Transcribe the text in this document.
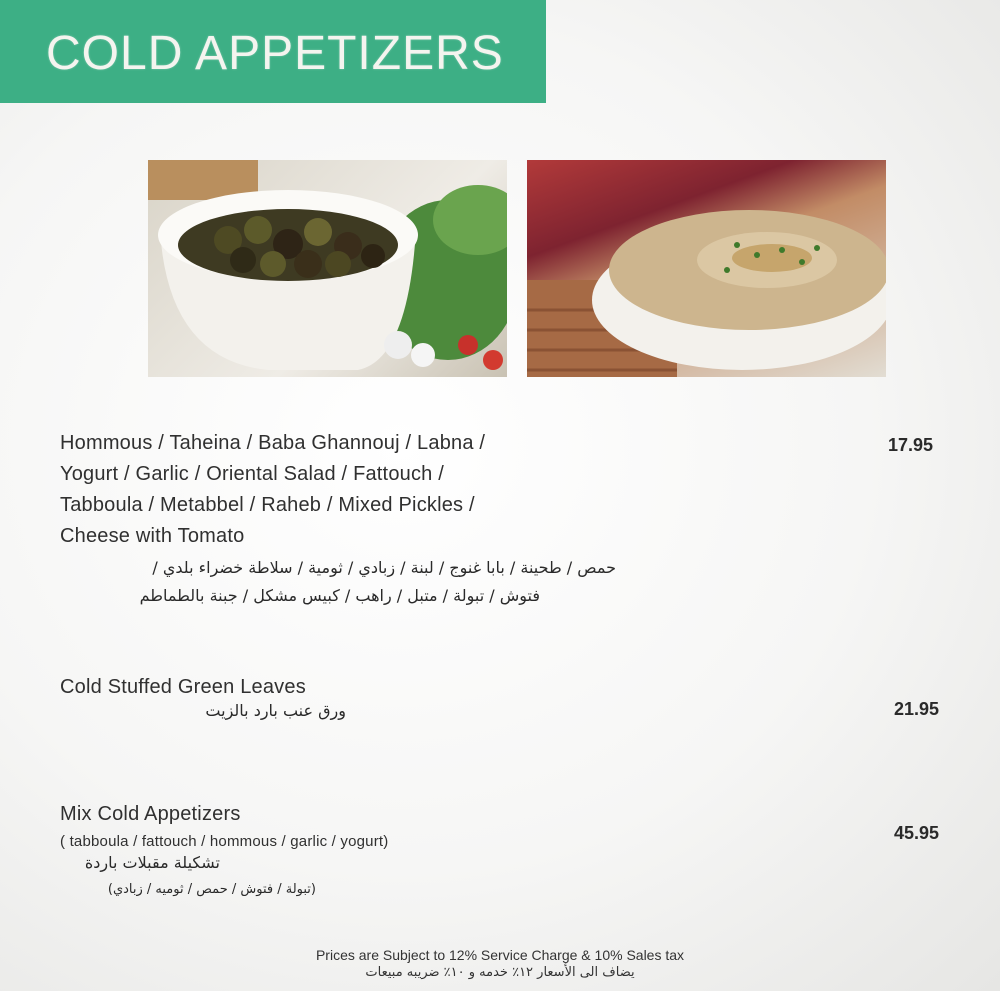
COLD APPETIZERS
Hommous / Taheina / Baba Ghannouj / Labna /
Yogurt / Garlic / Oriental Salad / Fattouch /
Tabboula / Metabbel / Raheb / Mixed Pickles /
Cheese with Tomato
حمص / طحينة / بابا غنوج / لبنة / زبادي / ثومية / سلاطة خضراء بلدي /
فتوش / تبولة / متبل / راهب / كبيس مشكل / جبنة بالطماطم
17.95
Cold Stuffed Green Leaves
ورق عنب بارد بالزيت	21.95
Mix Cold Appetizers
( tabboula / fattouch / hommous / garlic / yogurt)
تشكيلة مقبلات باردة
(تبولة / فتوش / حمص / ثوميه / زبادي)
45.95
Prices are Subject to 12% Service Charge & 10% Sales tax
يضاف الى الأسعار ١٢٪ خدمه و ١٠٪ ضريبه مبيعات
